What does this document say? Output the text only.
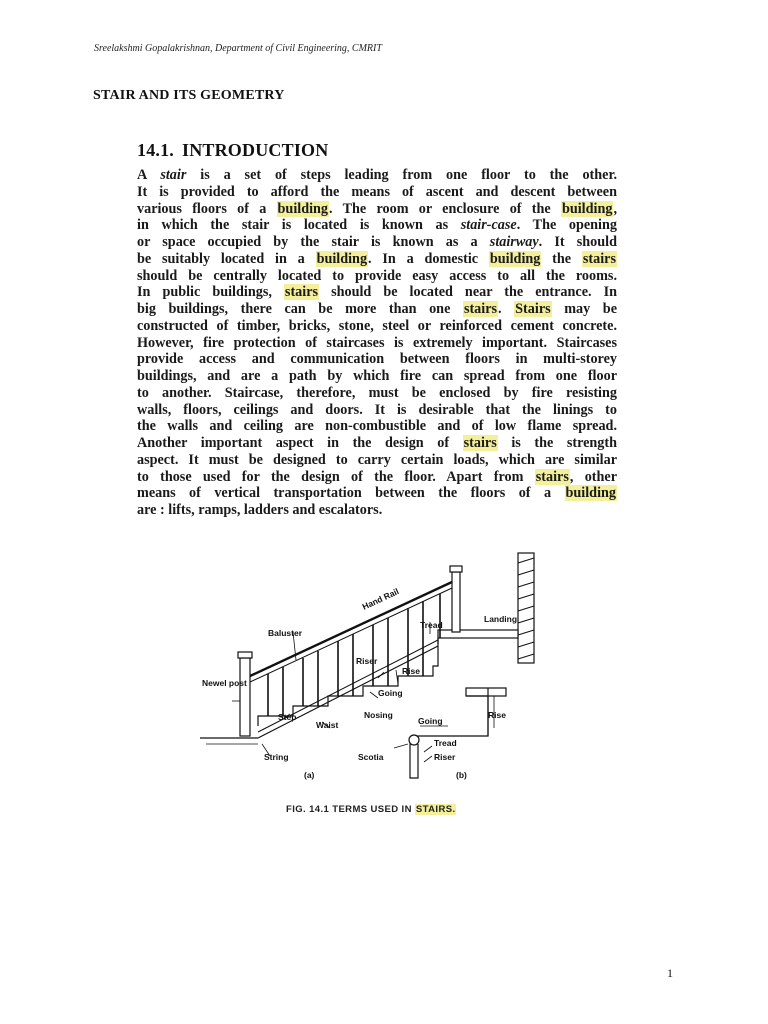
Sreelakshmi Gopalakrishnan, Department of Civil Engineering, CMRIT
STAIR AND ITS GEOMETRY
14.1. INTRODUCTION
A stair is a set of steps leading from one floor to the other.
It is provided to afford the means of ascent and descent between
various floors of a building. The room or enclosure of the building,
in which the stair is located is known as stair-case. The opening
or space occupied by the stair is known as a stairway. It should
be suitably located in a building. In a domestic building the stairs
should be centrally located to provide easy access to all the rooms.
In public buildings, stairs should be located near the entrance. In
big buildings, there can be more than one stairs. Stairs may be
constructed of timber, bricks, stone, steel or reinforced cement concrete.
However, fire protection of staircases is extremely important. Staircases
provide access and communication between floors in multi-storey
buildings, and are a path by which fire can spread from one floor
to another. Staircase, therefore, must be enclosed by fire resisting
walls, floors, ceilings and doors. It is desirable that the linings to
the walls and ceiling are non-combustible and of low flame spread.
Another important aspect in the design of stairs is the strength
aspect. It must be designed to carry certain loads, which are similar
to those used for the design of the floor. Apart from stairs, other
means of vertical transportation between the floors of a building
are : lifts, ramps, ladders and escalators.
Hand Rail
Landing
Baluster
Tread
Riser
Rise
Newel post
Going
Step
Waist
Nosing
Going
Rise
String	Scotia
Tread
Riser
(a)	(b)
FIG. 14.1 TERMS USED IN STAIRS.
1
